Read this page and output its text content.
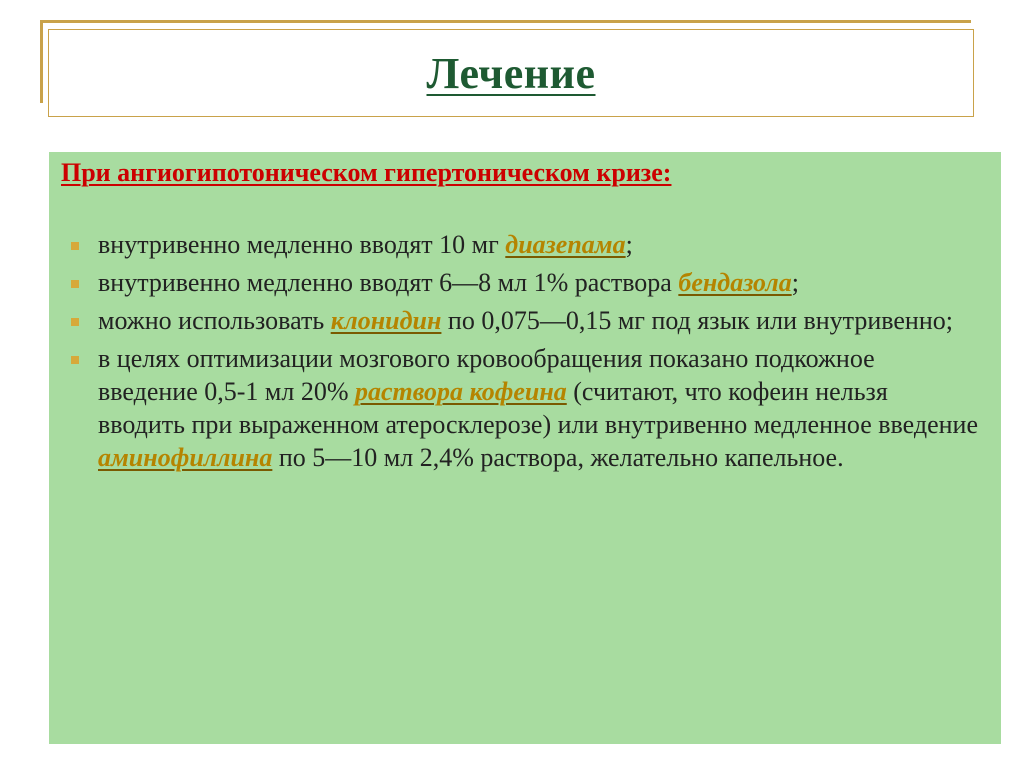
Лечение

При ангиогипотоническом гипертоническом кризе:

внутривенно медленно вводят 10 мг диазепама;
внутривенно медленно вводят 6—8 мл 1% раствора бендазола;
можно использовать клонидин по 0,075—0,15 мг под язык или внутривенно;
в целях оптимизации мозгового кровообращения показано подкожное введение 0,5-1 мл 20% раствора кофеина (считают, что кофеин нельзя вводить при выраженном атеросклерозе) или внутривенно медленное введение аминофиллина по 5—10 мл 2,4% раствора, желательно капельное.
